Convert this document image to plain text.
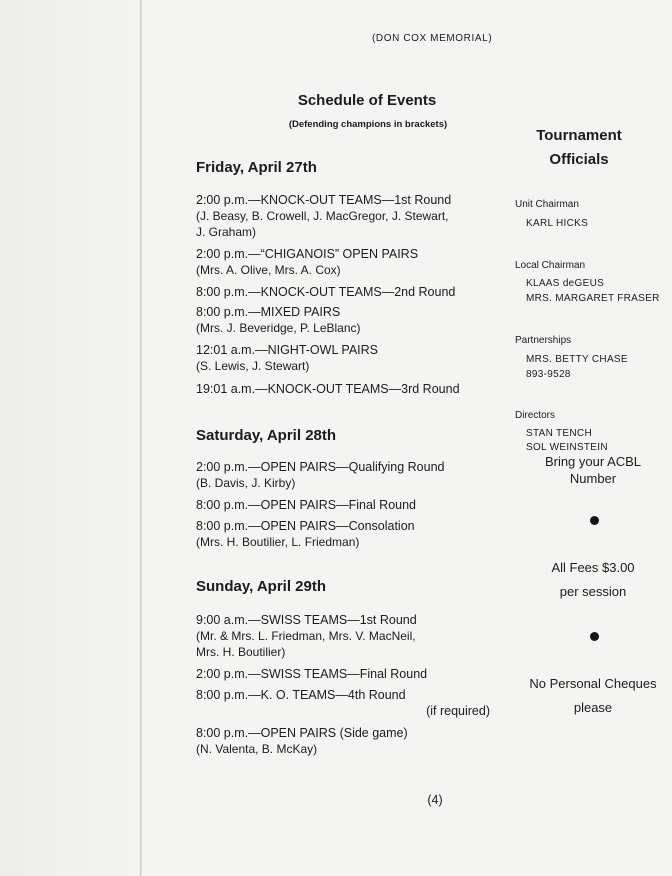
(DON COX MEMORIAL)
Schedule of Events
(Defending champions in brackets)
Friday, April 27th
2:00 p.m.—KNOCK-OUT TEAMS—1st Round
(J. Beasy, B. Crowell, J. MacGregor, J. Stewart,
J. Graham)
2:00 p.m.—“CHIGANOIS” OPEN PAIRS
(Mrs. A. Olive, Mrs. A. Cox)
8:00 p.m.—KNOCK-OUT TEAMS—2nd Round
8:00 p.m.—MIXED PAIRS
(Mrs. J. Beveridge, P. LeBlanc)
12:01 a.m.—NIGHT-OWL PAIRS
(S. Lewis, J. Stewart)
19:01 a.m.—KNOCK-OUT TEAMS—3rd Round
Saturday, April 28th
2:00 p.m.—OPEN PAIRS—Qualifying Round
(B. Davis, J. Kirby)
8:00 p.m.—OPEN PAIRS—Final Round
8:00 p.m.—OPEN PAIRS—Consolation
(Mrs. H. Boutilier, L. Friedman)
Sunday, April 29th
9:00 a.m.—SWISS TEAMS—1st Round
(Mr. & Mrs. L. Friedman, Mrs. V. MacNeil,
Mrs. H. Boutilier)
2:00 p.m.—SWISS TEAMS—Final Round
8:00 p.m.—K. O. TEAMS—4th Round
(if required)
8:00 p.m.—OPEN PAIRS (Side game)
(N. Valenta, B. McKay)
Tournament
Officials
Unit Chairman
KARL HICKS
Local Chairman
KLAAS deGEUS
MRS. MARGARET FRASER
Partnerships
MRS. BETTY CHASE
893-9528
Directors
STAN TENCH
SOL WEINSTEIN
Bring your ACBL
Number
All Fees $3.00
per session
No Personal Cheques
please
(4)
